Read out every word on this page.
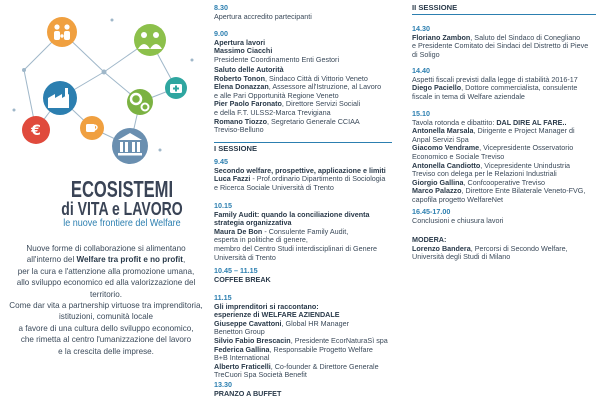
€
ECOSISTEMI
di VITA e LAVORO
le nuove frontiere del Welfare
Nuove forme di collaborazione si alimentano
all'interno del Welfare tra profit e no profit,
per la cura e l'attenzione alla promozione umana,
allo sviluppo economico ed alla valorizzazione del territorio.
Come dar vita a partnership virtuose tra imprenditoria,
istituzioni, comunità locale
a favore di una cultura dello sviluppo economico,
che rimetta al centro l'umanizzazione del lavoro
e la crescita delle imprese.
8.30
Apertura accredito partecipanti
9.00
Apertura lavori
Massimo Ciacchi
Presidente Coordinamento Enti Gestori
Saluto delle Autorità
Roberto Tonon, Sindaco Città di Vittorio Veneto
Elena Donazzan, Assessore all'Istruzione, al Lavoro
e alle Pari Opportunità Regione Veneto
Pier Paolo Faronato, Direttore Servizi Sociali
e della F.T. ULSS2-Marca Trevigiana
Romano Tiozzo, Segretario Generale CCIAA
Treviso-Belluno
I SESSIONE
9.45
Secondo welfare, prospettive, applicazione e limiti
Luca Fazzi - Prof.ordinario Dipartimento di Sociologia
e Ricerca Sociale Università di Trento
10.15
Family Audit: quando la conciliazione diventa
strategia organizzativa
Maura De Bon - Consulente Family Audit,
esperta in politiche di genere,
membro del Centro Studi interdisciplinari di Genere
Università di Trento
10.45 – 11.15
COFFEE BREAK
11.15
Gli imprenditori si raccontano:
esperienze di WELFARE AZIENDALE
Giuseppe Cavattoni, Global HR Manager
Benetton Group
Silvio Fabio Brescacin, Presidente EcorNaturaSì spa
Federica Gallina, Responsabile Progetto Welfare
B+B International
Alberto Fraticelli, Co-founder & Direttore Generale
TreCuori Spa Società Benefit
13.30
PRANZO A BUFFET
II SESSIONE
14.30
Floriano Zambon, Saluto del Sindaco di Conegliano
e Presidente Comitato dei Sindaci del Distretto di Pieve
di Soligo
14.40
Aspetti fiscali previsti dalla legge di stabilità 2016-17
Diego Paciello, Dottore commercialista, consulente
fiscale in tema di Welfare aziendale
15.10
Tavola rotonda e dibattito: DAL DIRE AL FARE..
Antonella Marsala, Dirigente e Project Manager di
Anpal Servizi Spa
Giacomo Vendrame, Vicepresidente Osservatorio
Economico e Sociale Treviso
Antonella Candiotto, Vicepresidente Unindustria
Treviso con delega per le Relazioni Industriali
Giorgio Gallina, Confcooperative Treviso
Marco Palazzo, Direttore Ente Bilaterale Veneto-FVG,
capofila progetto WelfareNet
16.45-17.00
Conclusioni e chiusura lavori
MODERA:
Lorenzo Bandera, Percorsi di Secondo Welfare,
Università degli Studi di Milano
